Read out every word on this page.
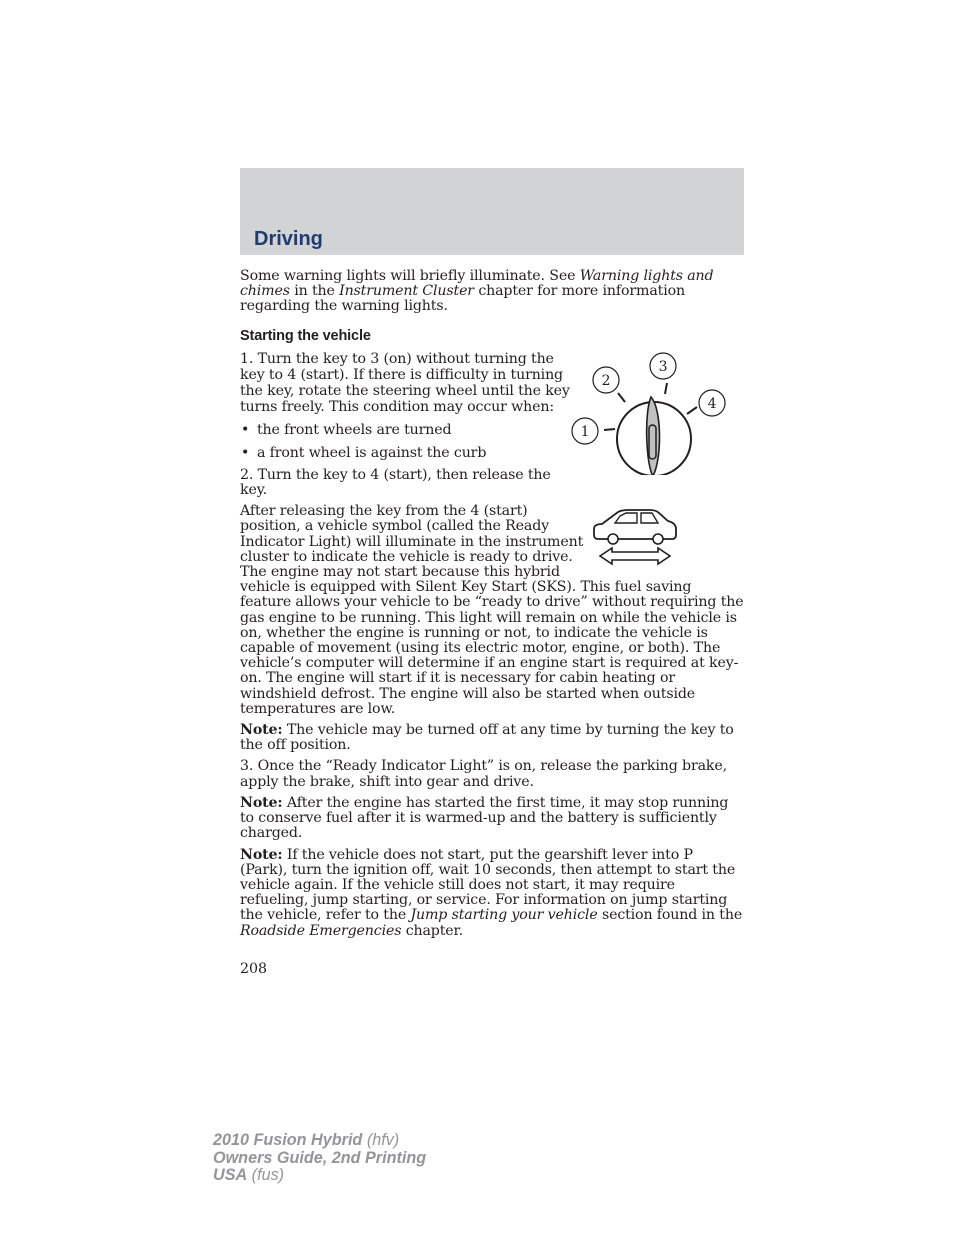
Driving

Some warning lights will briefly illuminate. See Warning lights and chimes in the Instrument Cluster chapter for more information regarding the warning lights.

Starting the vehicle
1
2
3
4

1. Turn the key to 3 (on) without turning the key to 4 (start). If there is difficulty in turning the key, rotate the steering wheel until the key turns freely. This condition may occur when:

• the front wheels are turned
• a front wheel is against the curb

2. Turn the key to 4 (start), then release the key.

After releasing the key from the 4 (start) position, a vehicle symbol (called the Ready Indicator Light) will illuminate in the instrument cluster to indicate the vehicle is ready to drive. The engine may not start because this hybrid vehicle is equipped with Silent Key Start (SKS). This fuel saving feature allows your vehicle to be “ready to drive” without requiring the gas engine to be running. This light will remain on while the vehicle is on, whether the engine is running or not, to indicate the vehicle is capable of movement (using its electric motor, engine, or both). The vehicle’s computer will determine if an engine start is required at key-on. The engine will start if it is necessary for cabin heating or windshield defrost. The engine will also be started when outside temperatures are low.

Note: The vehicle may be turned off at any time by turning the key to the off position.

3. Once the “Ready Indicator Light” is on, release the parking brake, apply the brake, shift into gear and drive.

Note: After the engine has started the first time, it may stop running to conserve fuel after it is warmed-up and the battery is sufficiently charged.

Note: If the vehicle does not start, put the gearshift lever into P (Park), turn the ignition off, wait 10 seconds, then attempt to start the vehicle again. If the vehicle still does not start, it may require refueling, jump starting, or service. For information on jump starting the vehicle, refer to the Jump starting your vehicle section found in the Roadside Emergencies chapter.

208
2010 Fusion Hybrid (hfv)
Owners Guide, 2nd Printing
USA (fus)
